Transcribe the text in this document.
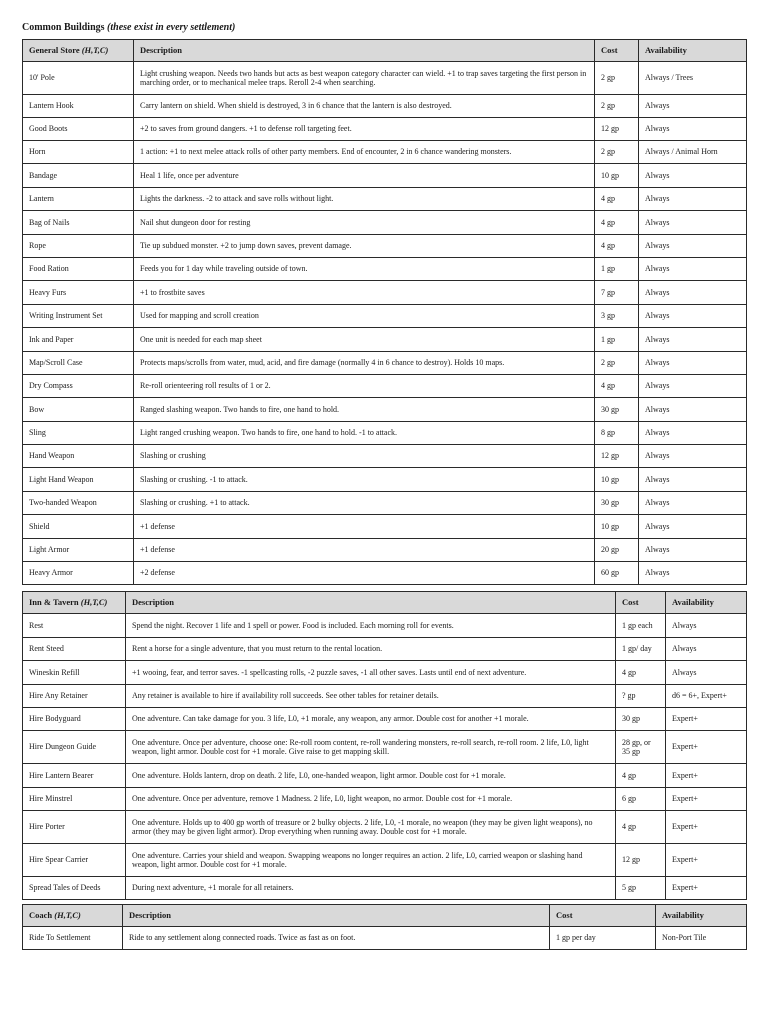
Common Buildings (these exist in every settlement)
General Store (H,T,C)	Description	Cost	Availability
10' Pole	Light crushing weapon. Needs two hands but acts as best weapon category character can wield. +1 to trap saves targeting the first person in marching order, or to mechanical melee traps. Reroll 2-4 when searching.	2 gp	Always / Trees
Lantern Hook	Carry lantern on shield. When shield is destroyed, 3 in 6 chance that the lantern is also destroyed.	2 gp	Always
Good Boots	+2 to saves from ground dangers. +1 to defense roll targeting feet.	12 gp	Always
Horn	1 action: +1 to next melee attack rolls of other party members. End of encounter, 2 in 6 chance wandering monsters.	2 gp	Always / Animal Horn
Bandage	Heal 1 life, once per adventure	10 gp	Always
Lantern	Lights the darkness. -2 to attack and save rolls without light.	4 gp	Always
Bag of Nails	Nail shut dungeon door for resting	4 gp	Always
Rope	Tie up subdued monster. +2 to jump down saves, prevent damage.	4 gp	Always
Food Ration	Feeds you for 1 day while traveling outside of town.	1 gp	Always
Heavy Furs	+1 to frostbite saves	7 gp	Always
Writing Instrument Set	Used for mapping and scroll creation	3 gp	Always
Ink and Paper	One unit is needed for each map sheet	1 gp	Always
Map/Scroll Case	Protects maps/scrolls from water, mud, acid, and fire damage (normally 4 in 6 chance to destroy). Holds 10 maps.	2 gp	Always
Dry Compass	Re-roll orienteering roll results of 1 or 2.	4 gp	Always
Bow	Ranged slashing weapon. Two hands to fire, one hand to hold.	30 gp	Always
Sling	Light ranged crushing weapon. Two hands to fire, one hand to hold. -1 to attack.	8 gp	Always
Hand Weapon	Slashing or crushing	12 gp	Always
Light Hand Weapon	Slashing or crushing. -1 to attack.	10 gp	Always
Two-handed Weapon	Slashing or crushing. +1 to attack.	30 gp	Always
Shield	+1 defense	10 gp	Always
Light Armor	+1 defense	20 gp	Always
Heavy Armor	+2 defense	60 gp	Always
Inn & Tavern (H,T,C)	Description	Cost	Availability
Rest	Spend the night. Recover 1 life and 1 spell or power. Food is included. Each morning roll for events.	1 gp each	Always
Rent Steed	Rent a horse for a single adventure, that you must return to the rental location.	1 gp/ day	Always
Wineskin Refill	+1 wooing, fear, and terror saves. -1 spellcasting rolls, -2 puzzle saves, -1 all other saves. Lasts until end of next adventure.	4 gp	Always
Hire Any Retainer	Any retainer is available to hire if availability roll succeeds. See other tables for retainer details.	? gp	d6 = 6+, Expert+
Hire Bodyguard	One adventure. Can take damage for you. 3 life, L0, +1 morale, any weapon, any armor. Double cost for another +1 morale.	30 gp	Expert+
Hire Dungeon Guide	One adventure. Once per adventure, choose one: Re-roll room content, re-roll wandering monsters, re-roll search, re-roll room. 2 life, L0, light weapon, light armor. Double cost for +1 morale. Give raise to get mapping skill.	28 gp, or 35 gp	Expert+
Hire Lantern Bearer	One adventure. Holds lantern, drop on death. 2 life, L0, one-handed weapon, light armor. Double cost for +1 morale.	4 gp	Expert+
Hire Minstrel	One adventure. Once per adventure, remove 1 Madness. 2 life, L0, light weapon, no armor. Double cost for +1 morale.	6 gp	Expert+
Hire Porter	One adventure. Holds up to 400 gp worth of treasure or 2 bulky objects. 2 life, L0, -1 morale, no weapon (they may be given light weapons), no armor (they may be given light armor). Drop everything when running away. Double cost for +1 morale.	4 gp	Expert+
Hire Spear Carrier	One adventure. Carries your shield and weapon. Swapping weapons no longer requires an action. 2 life, L0, carried weapon or slashing hand weapon, light armor. Double cost for +1 morale.	12 gp	Expert+
Spread Tales of Deeds	During next adventure, +1 morale for all retainers.	5 gp	Expert+
Coach (H,T,C)	Description	Cost	Availability
Ride To Settlement	Ride to any settlement along connected roads. Twice as fast as on foot.	1 gp per day	Non-Port Tile
